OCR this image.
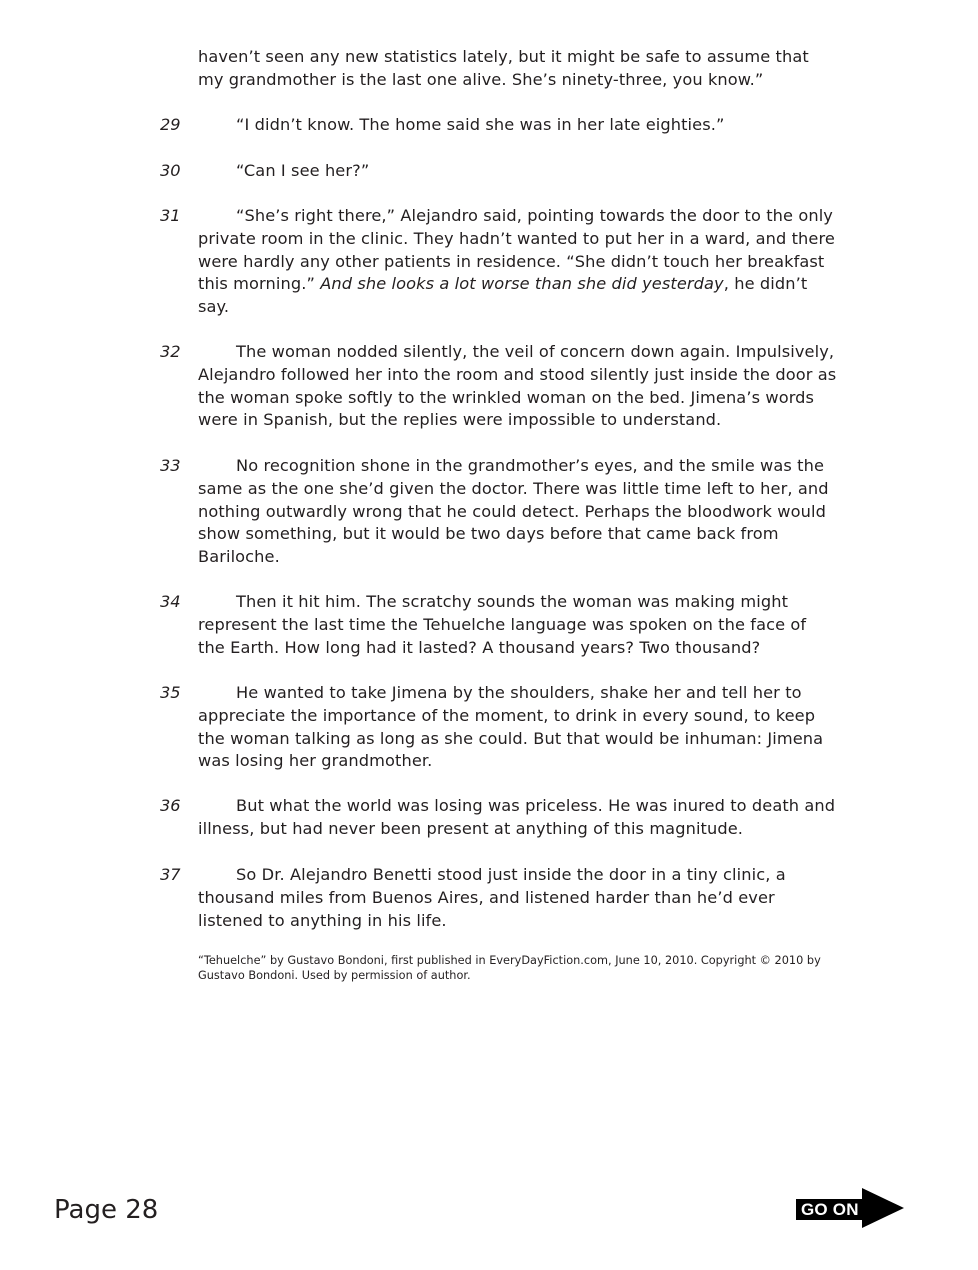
haven’t seen any new statistics lately, but it might be safe to assume that my grandmother is the last one alive. She’s ninety-three, you know.”
29	“I didn’t know. The home said she was in her late eighties.”
30	“Can I see her?”
31	“She’s right there,” Alejandro said, pointing towards the door to the only private room in the clinic. They hadn’t wanted to put her in a ward, and there were hardly any other patients in residence. “She didn’t touch her breakfast this morning.” And she looks a lot worse than she did yesterday, he didn’t say.
32	The woman nodded silently, the veil of concern down again. Impulsively, Alejandro followed her into the room and stood silently just inside the door as the woman spoke softly to the wrinkled woman on the bed. Jimena’s words were in Spanish, but the replies were impossible to understand.
33	No recognition shone in the grandmother’s eyes, and the smile was the same as the one she’d given the doctor. There was little time left to her, and nothing outwardly wrong that he could detect. Perhaps the bloodwork would show something, but it would be two days before that came back from Bariloche.
34	Then it hit him. The scratchy sounds the woman was making might represent the last time the Tehuelche language was spoken on the face of the Earth. How long had it lasted? A thousand years? Two thousand?
35	He wanted to take Jimena by the shoulders, shake her and tell her to appreciate the importance of the moment, to drink in every sound, to keep the woman talking as long as she could. But that would be inhuman: Jimena was losing her grandmother.
36	But what the world was losing was priceless. He was inured to death and illness, but had never been present at anything of this magnitude.
37	So Dr. Alejandro Benetti stood just inside the door in a tiny clinic, a thousand miles from Buenos Aires, and listened harder than he’d ever listened to anything in his life.
“Tehuelche” by Gustavo Bondoni, first published in EveryDayFiction.com, June 10, 2010. Copyright © 2010 by Gustavo Bondoni. Used by permission of author.
Page 28	GO ON
